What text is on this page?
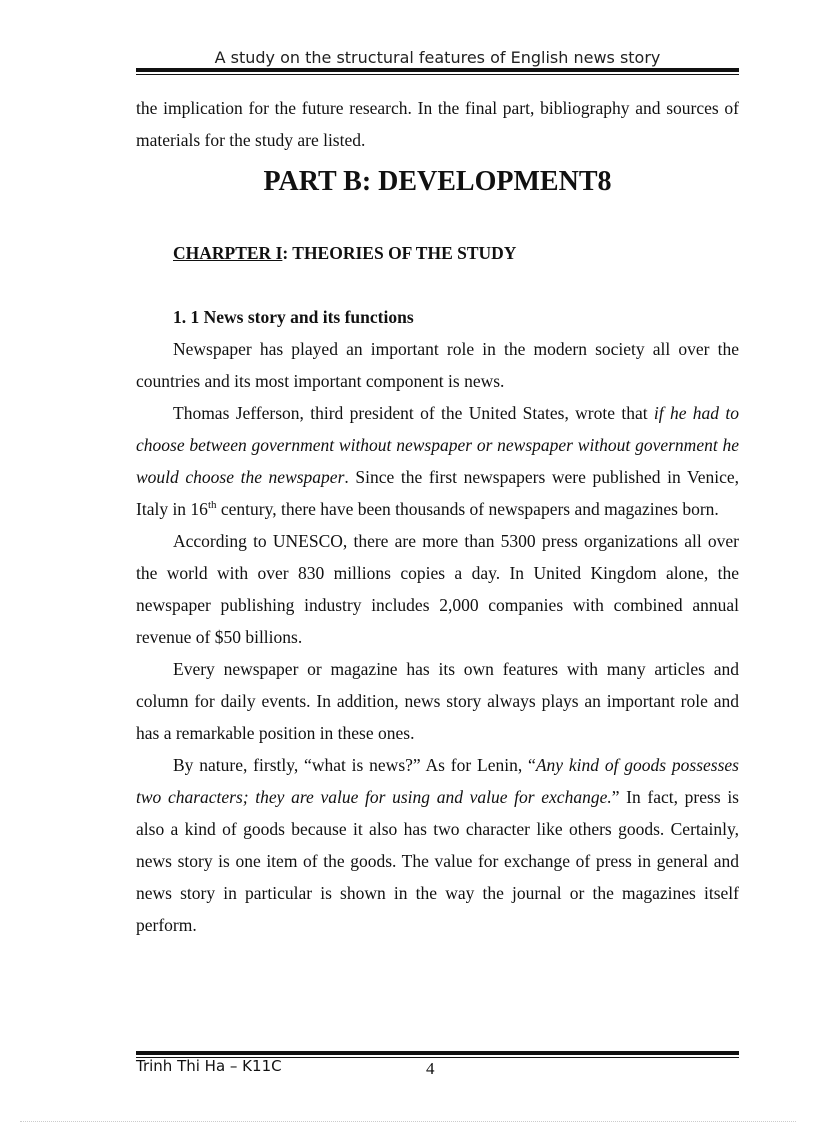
A study on the structural features of English news story

the implication for the future research. In the final part, bibliography and sources of materials for the study are listed.

PART B: DEVELOPMENT8
CHARPTER I: THEORIES OF THE STUDY
1. 1 News story and its functions

Newspaper has played an important role in the modern society all over the countries and its most important component is news.

Thomas Jefferson, third president of the United States, wrote that if he had to choose between government without newspaper or newspaper without government he would choose the newspaper. Since the first newspapers were published in Venice, Italy in 16th century, there have been thousands of newspapers and magazines born.

According to UNESCO, there are more than 5300 press organizations all over the world with over 830 millions copies a day. In United Kingdom alone, the newspaper publishing industry includes 2,000 companies with combined annual revenue of $50 billions.

Every newspaper or magazine has its own features with many articles and column for daily events. In addition, news story always plays an important role and has a remarkable position in these ones.

By nature, firstly, “what is news?” As for Lenin, “Any kind of goods possesses two characters; they are value for using and value for exchange.” In fact, press is also a kind of goods because it also has two character like others goods. Certainly, news story is one item of the goods. The value for exchange of press in general and news story in particular is shown in the way the journal or the magazines itself perform.

Trinh Thi Ha – K11C	4
